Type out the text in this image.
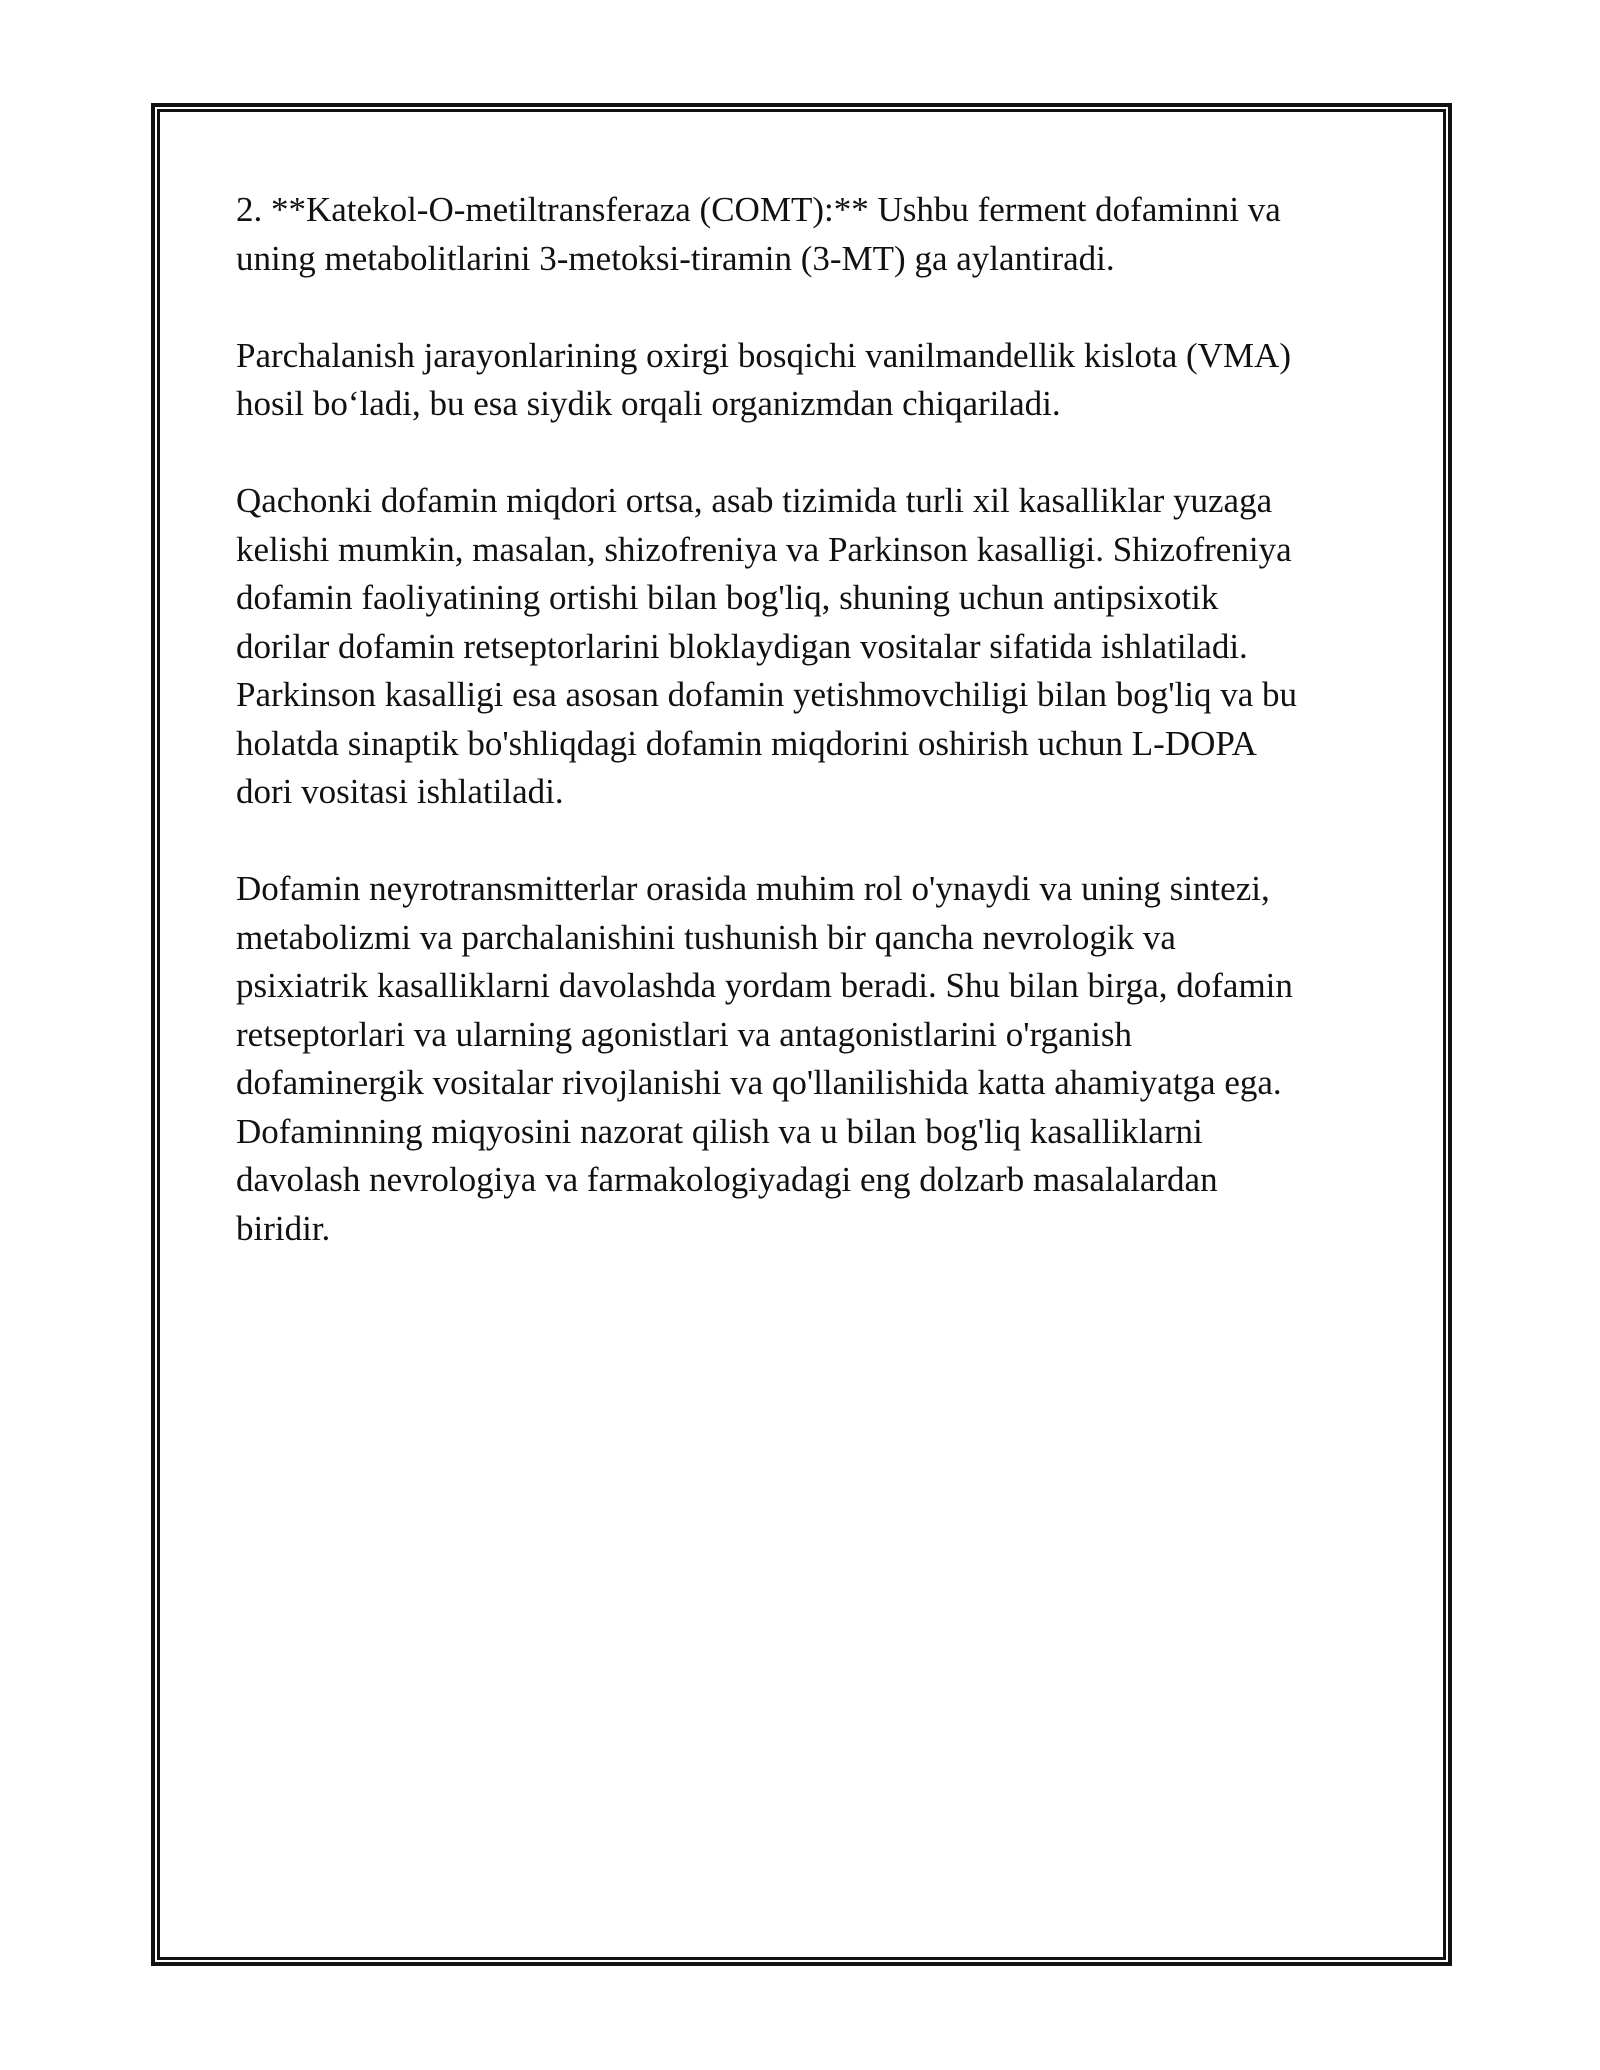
2. **Katekol-O-metiltransferaza (COMT):** Ushbu ferment dofaminni va
uning metabolitlarini 3-metoksi-tiramin (3-MT) ga aylantiradi.

Parchalanish jarayonlarining oxirgi bosqichi vanilmandellik kislota (VMA)
hosil bo‘ladi, bu esa siydik orqali organizmdan chiqariladi.

Qachonki dofamin miqdori ortsa, asab tizimida turli xil kasalliklar yuzaga
kelishi mumkin, masalan, shizofreniya va Parkinson kasalligi. Shizofreniya
dofamin faoliyatining ortishi bilan bog'liq, shuning uchun antipsixotik
dorilar dofamin retseptorlarini bloklaydigan vositalar sifatida ishlatiladi.
Parkinson kasalligi esa asosan dofamin yetishmovchiligi bilan bog'liq va bu
holatda sinaptik bo'shliqdagi dofamin miqdorini oshirish uchun L-DOPA
dori vositasi ishlatiladi.

Dofamin neyrotransmitterlar orasida muhim rol o'ynaydi va uning sintezi,
metabolizmi va parchalanishini tushunish bir qancha nevrologik va
psixiatrik kasalliklarni davolashda yordam beradi. Shu bilan birga, dofamin
retseptorlari va ularning agonistlari va antagonistlarini o'rganish
dofaminergik vositalar rivojlanishi va qo'llanilishida katta ahamiyatga ega.
Dofaminning miqyosini nazorat qilish va u bilan bog'liq kasalliklarni
davolash nevrologiya va farmakologiyadagi eng dolzarb masalalardan
biridir.
